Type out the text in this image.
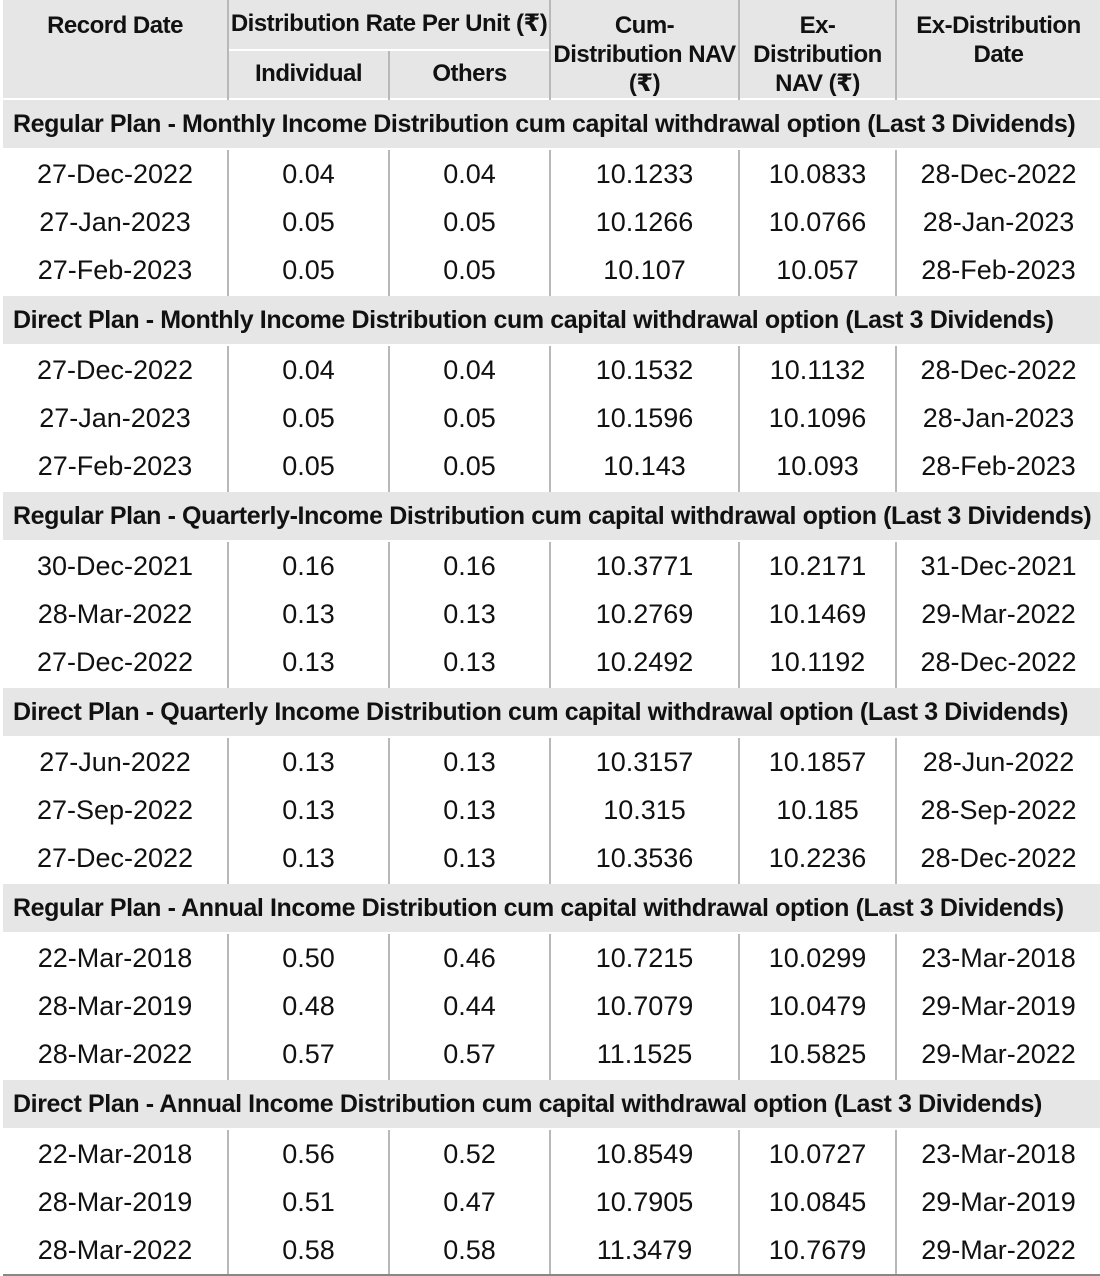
Record Date	Distribution Rate Per Unit (₹)		Cum-Distribution NAV (₹)	Ex-Distribution NAV (₹)	Ex-Distribution Date
	Individual	Others			
Regular Plan - Monthly Income Distribution cum capital withdrawal option (Last 3 Dividends)					
27-Dec-2022	0.04	0.04	10.1233	10.0833	28-Dec-2022
27-Jan-2023	0.05	0.05	10.1266	10.0766	28-Jan-2023
27-Feb-2023	0.05	0.05	10.107	10.057	28-Feb-2023
Direct Plan - Monthly Income Distribution cum capital withdrawal option (Last 3 Dividends)					
27-Dec-2022	0.04	0.04	10.1532	10.1132	28-Dec-2022
27-Jan-2023	0.05	0.05	10.1596	10.1096	28-Jan-2023
27-Feb-2023	0.05	0.05	10.143	10.093	28-Feb-2023
Regular Plan - Quarterly-Income Distribution cum capital withdrawal option (Last 3 Dividends)					
30-Dec-2021	0.16	0.16	10.3771	10.2171	31-Dec-2021
28-Mar-2022	0.13	0.13	10.2769	10.1469	29-Mar-2022
27-Dec-2022	0.13	0.13	10.2492	10.1192	28-Dec-2022
Direct Plan - Quarterly Income Distribution cum capital withdrawal option (Last 3 Dividends)					
27-Jun-2022	0.13	0.13	10.3157	10.1857	28-Jun-2022
27-Sep-2022	0.13	0.13	10.315	10.185	28-Sep-2022
27-Dec-2022	0.13	0.13	10.3536	10.2236	28-Dec-2022
Regular Plan - Annual Income Distribution cum capital withdrawal option (Last 3 Dividends)					
22-Mar-2018	0.50	0.46	10.7215	10.0299	23-Mar-2018
28-Mar-2019	0.48	0.44	10.7079	10.0479	29-Mar-2019
28-Mar-2022	0.57	0.57	11.1525	10.5825	29-Mar-2022
Direct Plan - Annual Income Distribution cum capital withdrawal option (Last 3 Dividends)					
22-Mar-2018	0.56	0.52	10.8549	10.0727	23-Mar-2018
28-Mar-2019	0.51	0.47	10.7905	10.0845	29-Mar-2019
28-Mar-2022	0.58	0.58	11.3479	10.7679	29-Mar-2022
